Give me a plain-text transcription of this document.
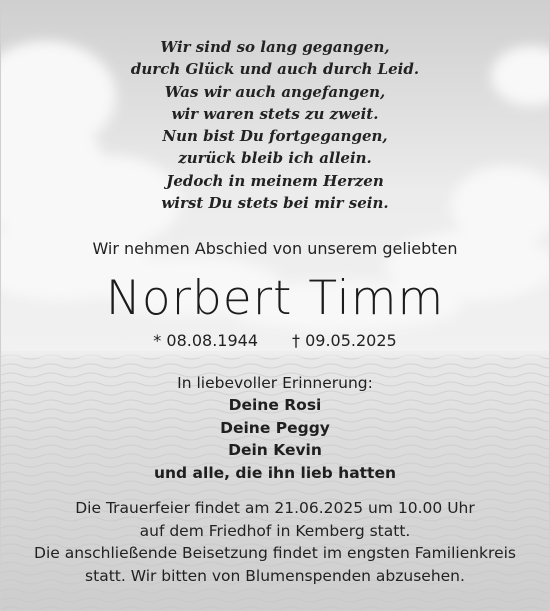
Wir sind so lang gegangen,
durch Glück und auch durch Leid.
Was wir auch angefangen,
wir waren stets zu zweit.
Nun bist Du fortgegangen,
zurück bleib ich allein.
Jedoch in meinem Herzen
wirst Du stets bei mir sein.
Wir nehmen Abschied von unserem geliebten
Norbert Timm
* 08.08.1944 † 09.05.2025
In liebevoller Erinnerung:
Deine Rosi
Deine Peggy
Dein Kevin
und alle, die ihn lieb hatten
Die Trauerfeier findet am 21.06.2025 um 10.00 Uhr
auf dem Friedhof in Kemberg statt.
Die anschließende Beisetzung findet im engsten Familienkreis
statt. Wir bitten von Blumenspenden abzusehen.
